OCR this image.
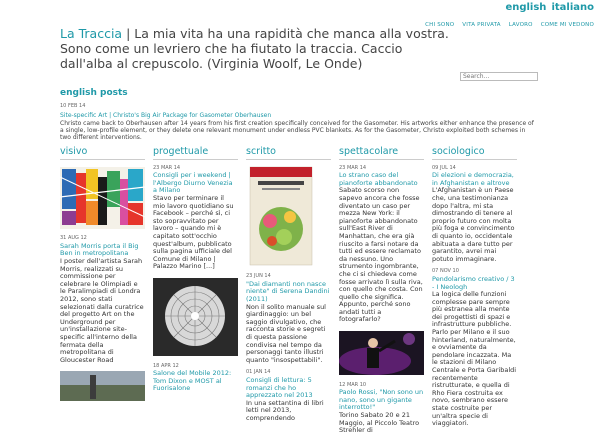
english italiano
CHI SONO VITA PRIVATA LAVORO COME MI VEDONO
La Traccia | La mia vita ha una rapidità che manca alla vostra. Sono come un levriero che ha fiutato la traccia. Caccio dall'alba al crepuscolo. (Virginia Woolf, Le Onde)
Search...
english posts
10 FEB 14
Site-specific Art | Christo's Big Air Package for Gasometer Oberhausen
Christo came back to Oberhausen after 14 years from his first creation specifically conceived for the Gasometer. His artworks either enhance the presence of a single, low-profile element, or they delete one relevant monument under endless PVC blankets. As for the Gasometer, Christo exploited both schemes in two different interventions.
visivo
31 AUG 12
Sarah Morris porta il Big Ben in metropolitana
I poster dell'artista Sarah Morris, realizzati su commissione per celebrare le Olimpiadi e le Paralimpiadi di Londra 2012, sono stati selezionati dalla curatrice del progetto Art on the Underground per un'installazione site-specific all'interno della fermata della metropolitana di Gloucester Road
progettuale
23 MAR 14
Consigli per i weekend | l'Albergo Diurno Venezia a Milano
Stavo per terminare il mio lavoro quotidiano su Facebook – perché sì, ci sto sopravvitato per lavoro – quando mi è capitato sott'occhio quest'album, pubblicato sulla pagina ufficiale del Comune di Milano | Palazzo Marino [...]
18 APR 12
Salone del Mobile 2012: Tom Dixon e MOST al Fuorisalone
scritto
23 JUN 14
"Dai diamanti non nasce niente" di Serena Dandini (2011)
Non il solito manuale sul giardinaggio: un bel saggio divulgativo, che racconta storie e segreti di questa passione condivisa nel tempo da personaggi tanto illustri quanto "insospettabili".
01 JAN 14
Consigli di lettura: 5 romanzi che ho apprezzato nel 2013
In una settantina di libri letti nel 2013, comprendendo
spettacolare
23 MAR 14
Lo strano caso del pianoforte abbandonato
Sabato scorso non sapevo ancora che fosse diventato un caso per mezza New York: il pianoforte abbandonato sull'East River di Manhattan, che era già riuscito a farsi notare da tutti ed essere reclamato da nessuno. Uno strumento ingombrante, che ci si chiedeva come fosse arrivato lì sulla riva, con quello che costa. Con quello che significa. Appunto, perché sono andati tutti a fotografarlo?
12 MAR 10
Paolo Rossi, "Non sono un nano, sono un gigante interrotto!"
Torino Sabato 20 e 21 Maggio, al Piccolo Teatro Strehler di
sociologico
09 JUL 14
Di elezioni e democrazia, in Afghanistan e altrove
L'Afghanistan è un Paese che, una testimonianza dopo l'altra, mi sta dimostrando di tenere al proprio futuro con molta più foga e convincimento di quanto io, occidentale abituata a dare tutto per garantito, avrei mai potuto immaginare.
07 NOV 10
Pendolarismo creativo / 3 - I Neologh
La logica delle funzioni complesse pare sempre più estranea alla mente dei progettisti di spazi e infrastrutture pubbliche. Parlo per Milano e il suo hinterland, naturalmente, e ovviamente da pendolare incazzata. Ma le stazioni di Milano Centrale e Porta Garibaldi recentemente ristrutturate, e quella di Rho Fiera costruita ex novo, sembrano essere state costruite per un'altra specie di viaggiatori.
